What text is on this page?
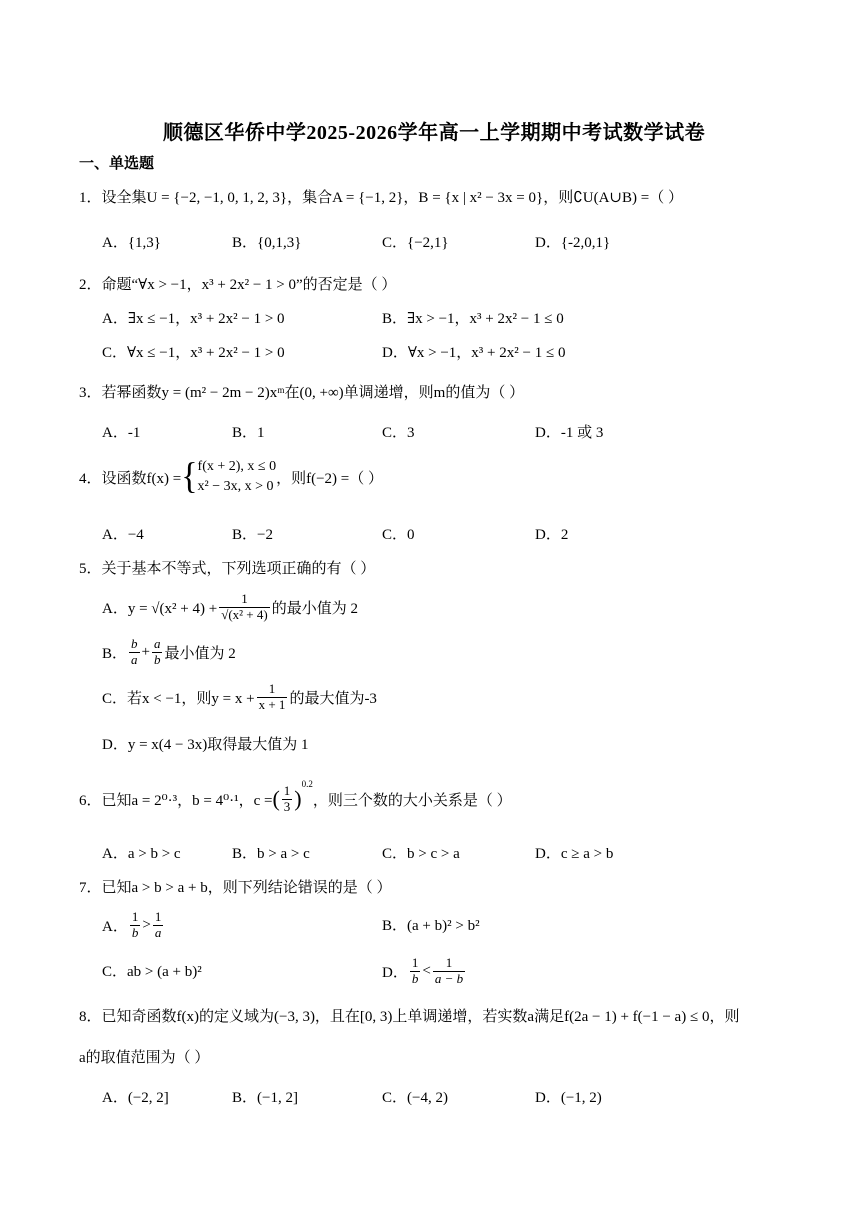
顺德区华侨中学2025-2026学年高一上学期期中考试数学试卷
一、单选题
1．设全集U = {−2, −1, 0, 1, 2, 3}，集合A = {−1, 2}，B = {x | x² − 3x = 0}，则∁U(A∪B) =（ ）
A．{1,3}	B．{0,1,3}	C．{−2,1}	D．{-2,0,1}
2．命题“∀x > −1，x³ + 2x² − 1 > 0”的否定是（ ）
A．∃x ≤ −1，x³ + 2x² − 1 > 0	B．∃x > −1，x³ + 2x² − 1 ≤ 0
C．∀x ≤ −1，x³ + 2x² − 1 > 0	D．∀x > −1，x³ + 2x² − 1 ≤ 0
3．若幂函数y = (m² − 2m − 2)xᵐ在(0, +∞)单调递增，则m的值为（ ）
A．-1	B．1	C．3	D．-1 或 3
4．设函数f(x) = { f(x + 2), x ≤ 0
x² − 3x, x > 0 ，则f(−2) =（ ）
A．−4	B．−2	C．0	D．2
5．关于基本不等式，下列选项正确的有（ ）
A．$y = √(x^2 + 4) + \frac{1}{\text{√(x² + 4)}}$ 的最小值为 2
B． $\frac{b}{a} + \frac{a}{b}$ 最小值为 2
C．若x < −1，则$y = x + \frac{1}{x + 1}$ 的最大值为-3
D．y = x(4 − 3x)取得最大值为 1
6．已知a = 2⁰·³，b = 4⁰·¹，c = ( $\frac{1}{3}$ )
0.2
，则三个数的大小关系是（ ）
A．a > b > c	B．b > a > c	C．b > c > a	D．c ≥ a > b
7．已知a > b > a + b，则下列结论错误的是（ ）
A． $\frac{1}{b} > \frac{1}{a}$	B．(a + b)² > b²
C．ab > (a + b)²	D． $\frac{1}{b} < \frac{1}{a - b}$
8．已知奇函数f(x)的定义域为(−3, 3)，且在[0, 3)上单调递增，若实数a满足f(2a − 1) + f(−1 − a) ≤ 0，则
a的取值范围为（ ）
A．(−2, 2]	B．(−1, 2]	C．(−4, 2)	D．(−1, 2)
